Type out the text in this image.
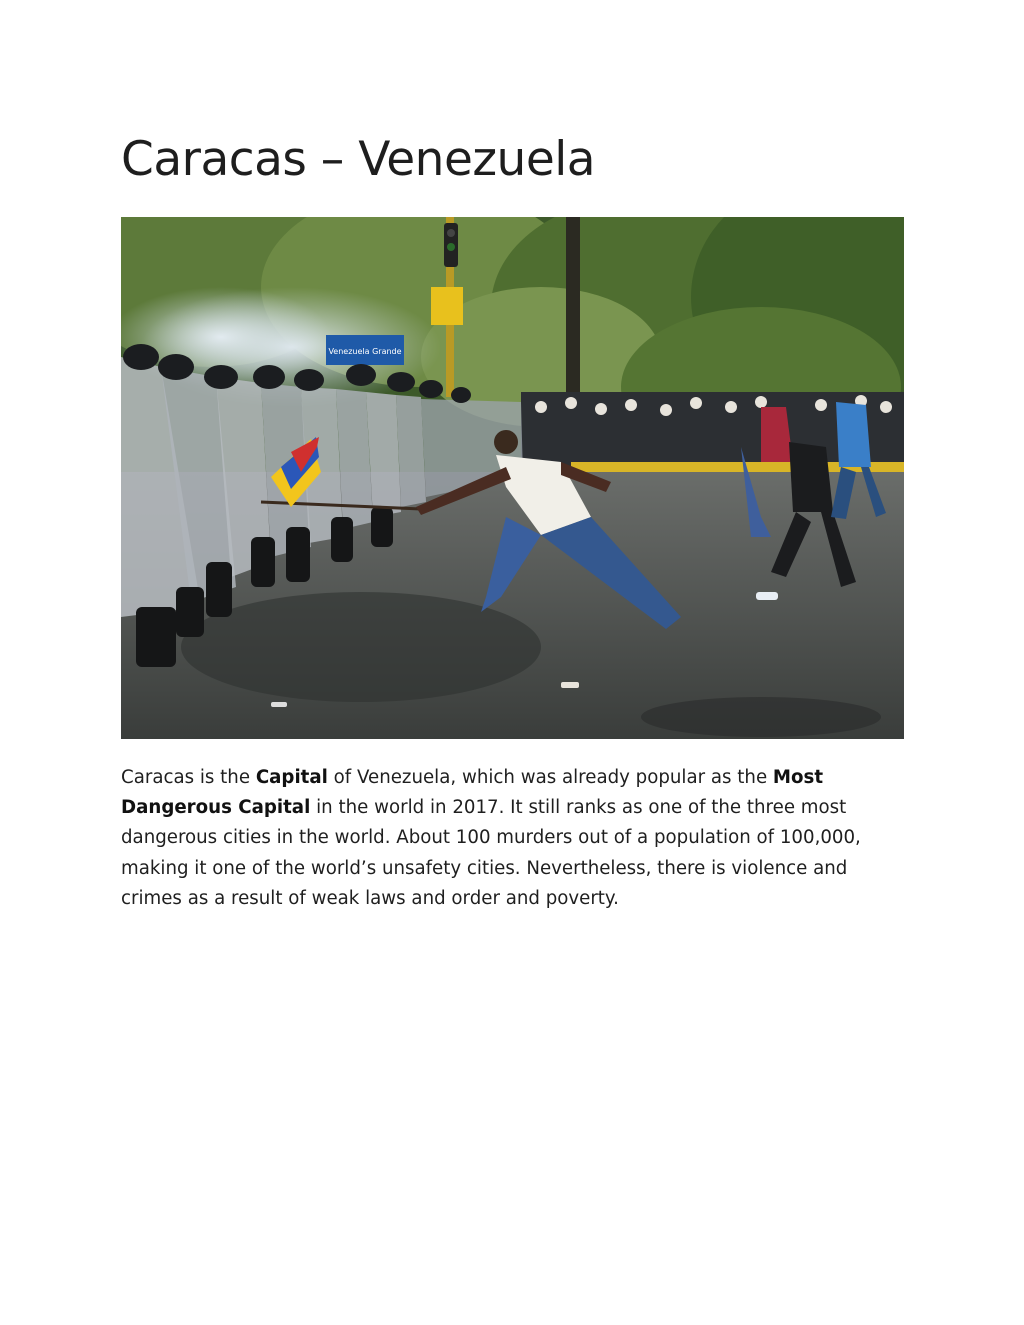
Caracas – Venezuela
Venezuela Grande

Caracas is the Capital of Venezuela, which was already popular as the Most Dangerous Capital in the world in 2017. It still ranks as one of the three most dangerous cities in the world. About 100 murders out of a population of 100,000, making it one of the world’s unsafety cities. Nevertheless, there is violence and crimes as a result of weak laws and order and poverty.
